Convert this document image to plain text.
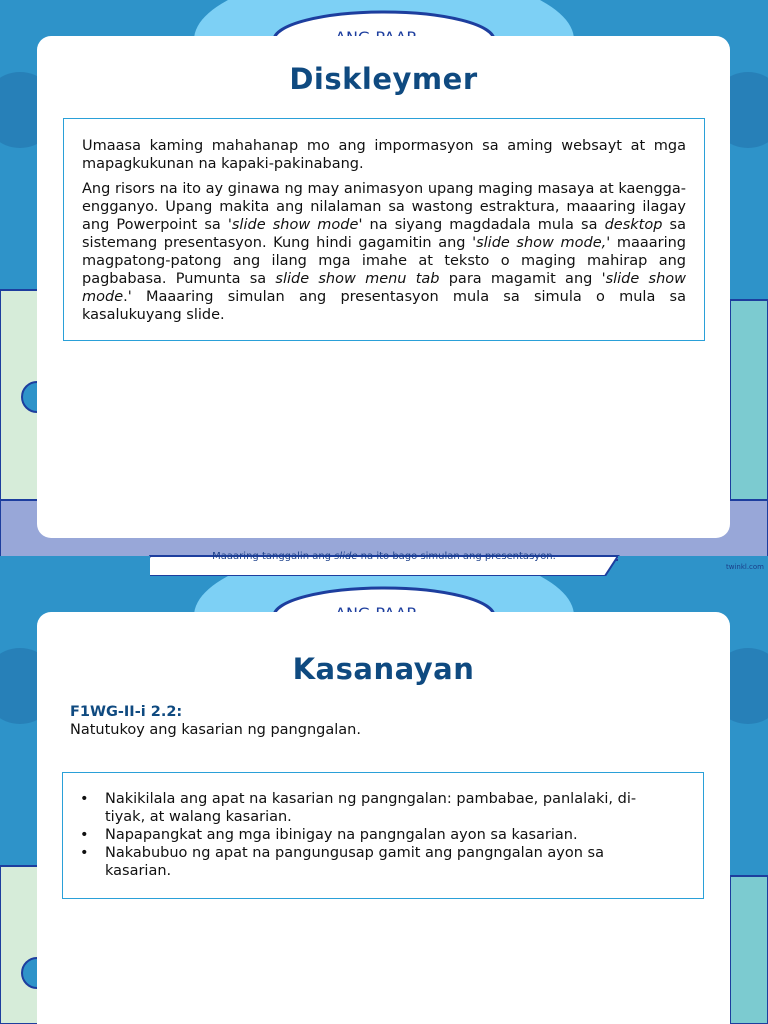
Diskleymer

Umaasa kaming mahahanap mo ang impormasyon sa aming websayt at mga mapagkukunan na kapaki-pakinabang.

Ang risors na ito ay ginawa ng may animasyon upang maging masaya at kaengga-engganyo. Upang makita ang nilalaman sa wastong estraktura, maaaring ilagay ang Powerpoint sa 'slide show mode' na siyang magdadala mula sa desktop sa sistemang presentasyon. Kung hindi gagamitin ang 'slide show mode,' maaaring magpatong-patong ang ilang mga imahe at teksto o maging mahirap ang pagbabasa. Pumunta sa slide show menu tab para magamit ang 'slide show mode.' Maaaring simulan ang presentasyon mula sa simula o mula sa kasalukuyang slide.

Maaaring tanggalin ang slide na ito bago simulan ang presentasyon.
twinkl.com
Kasanayan
F1WG-II-i 2.2:
Natutukoy ang kasarian ng pangngalan.
• Nakikilala ang apat na kasarian ng pangngalan: pambabae, panlalaki, di-tiyak, at walang kasarian.
• Napapangkat ang mga ibinigay na pangngalan ayon sa kasarian.
• Nakabubuo ng apat na pangungusap gamit ang pangngalan ayon sa kasarian.
